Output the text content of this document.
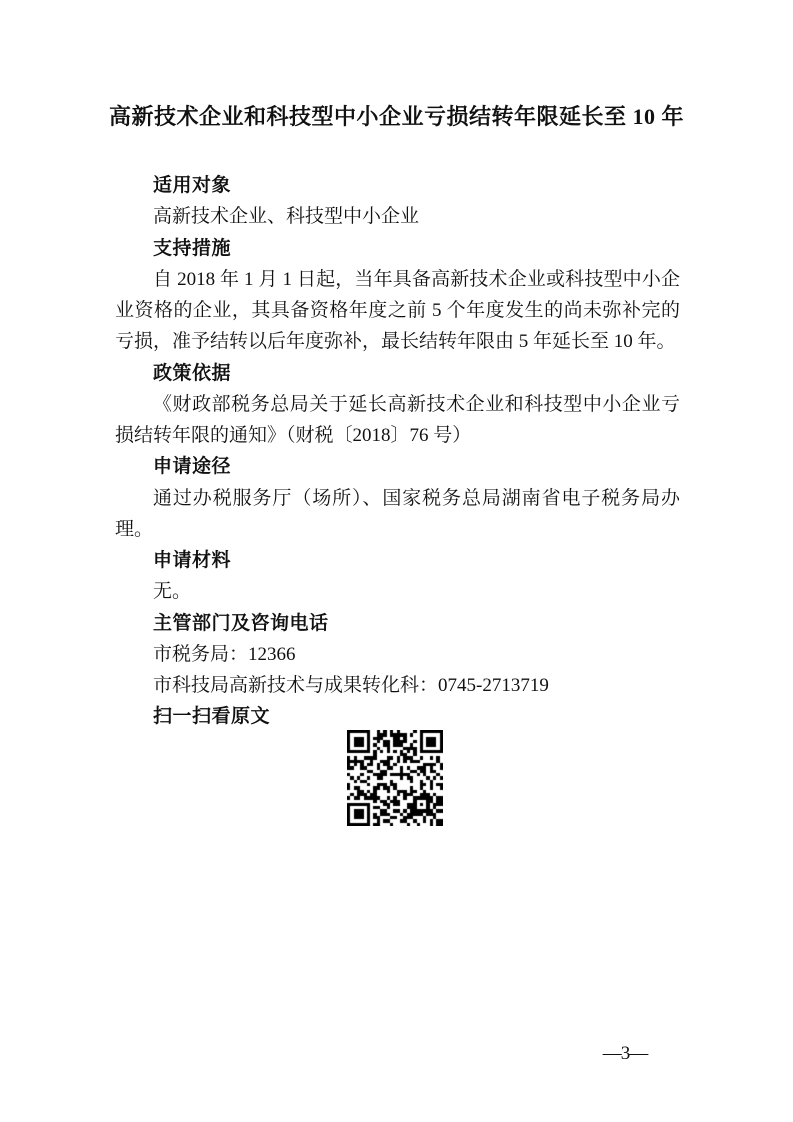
高新技术企业和科技型中小企业亏损结转年限延长至 10 年
适用对象

高新技术企业、科技型中小企业

支持措施

自 2018 年 1 月 1 日起，当年具备高新技术企业或科技型中小企业资格的企业，其具备资格年度之前 5 个年度发生的尚未弥补完的亏损，准予结转以后年度弥补，最长结转年限由 5 年延长至 10 年。

政策依据

《财政部税务总局关于延长高新技术企业和科技型中小企业亏损结转年限的通知》（财税〔2018〕76 号）

申请途径

通过办税服务厅（场所）、国家税务总局湖南省电子税务局办理。

申请材料

无。

主管部门及咨询电话

市税务局：12366

市科技局高新技术与成果转化科：0745-2713719

扫一扫看原文
—3—
